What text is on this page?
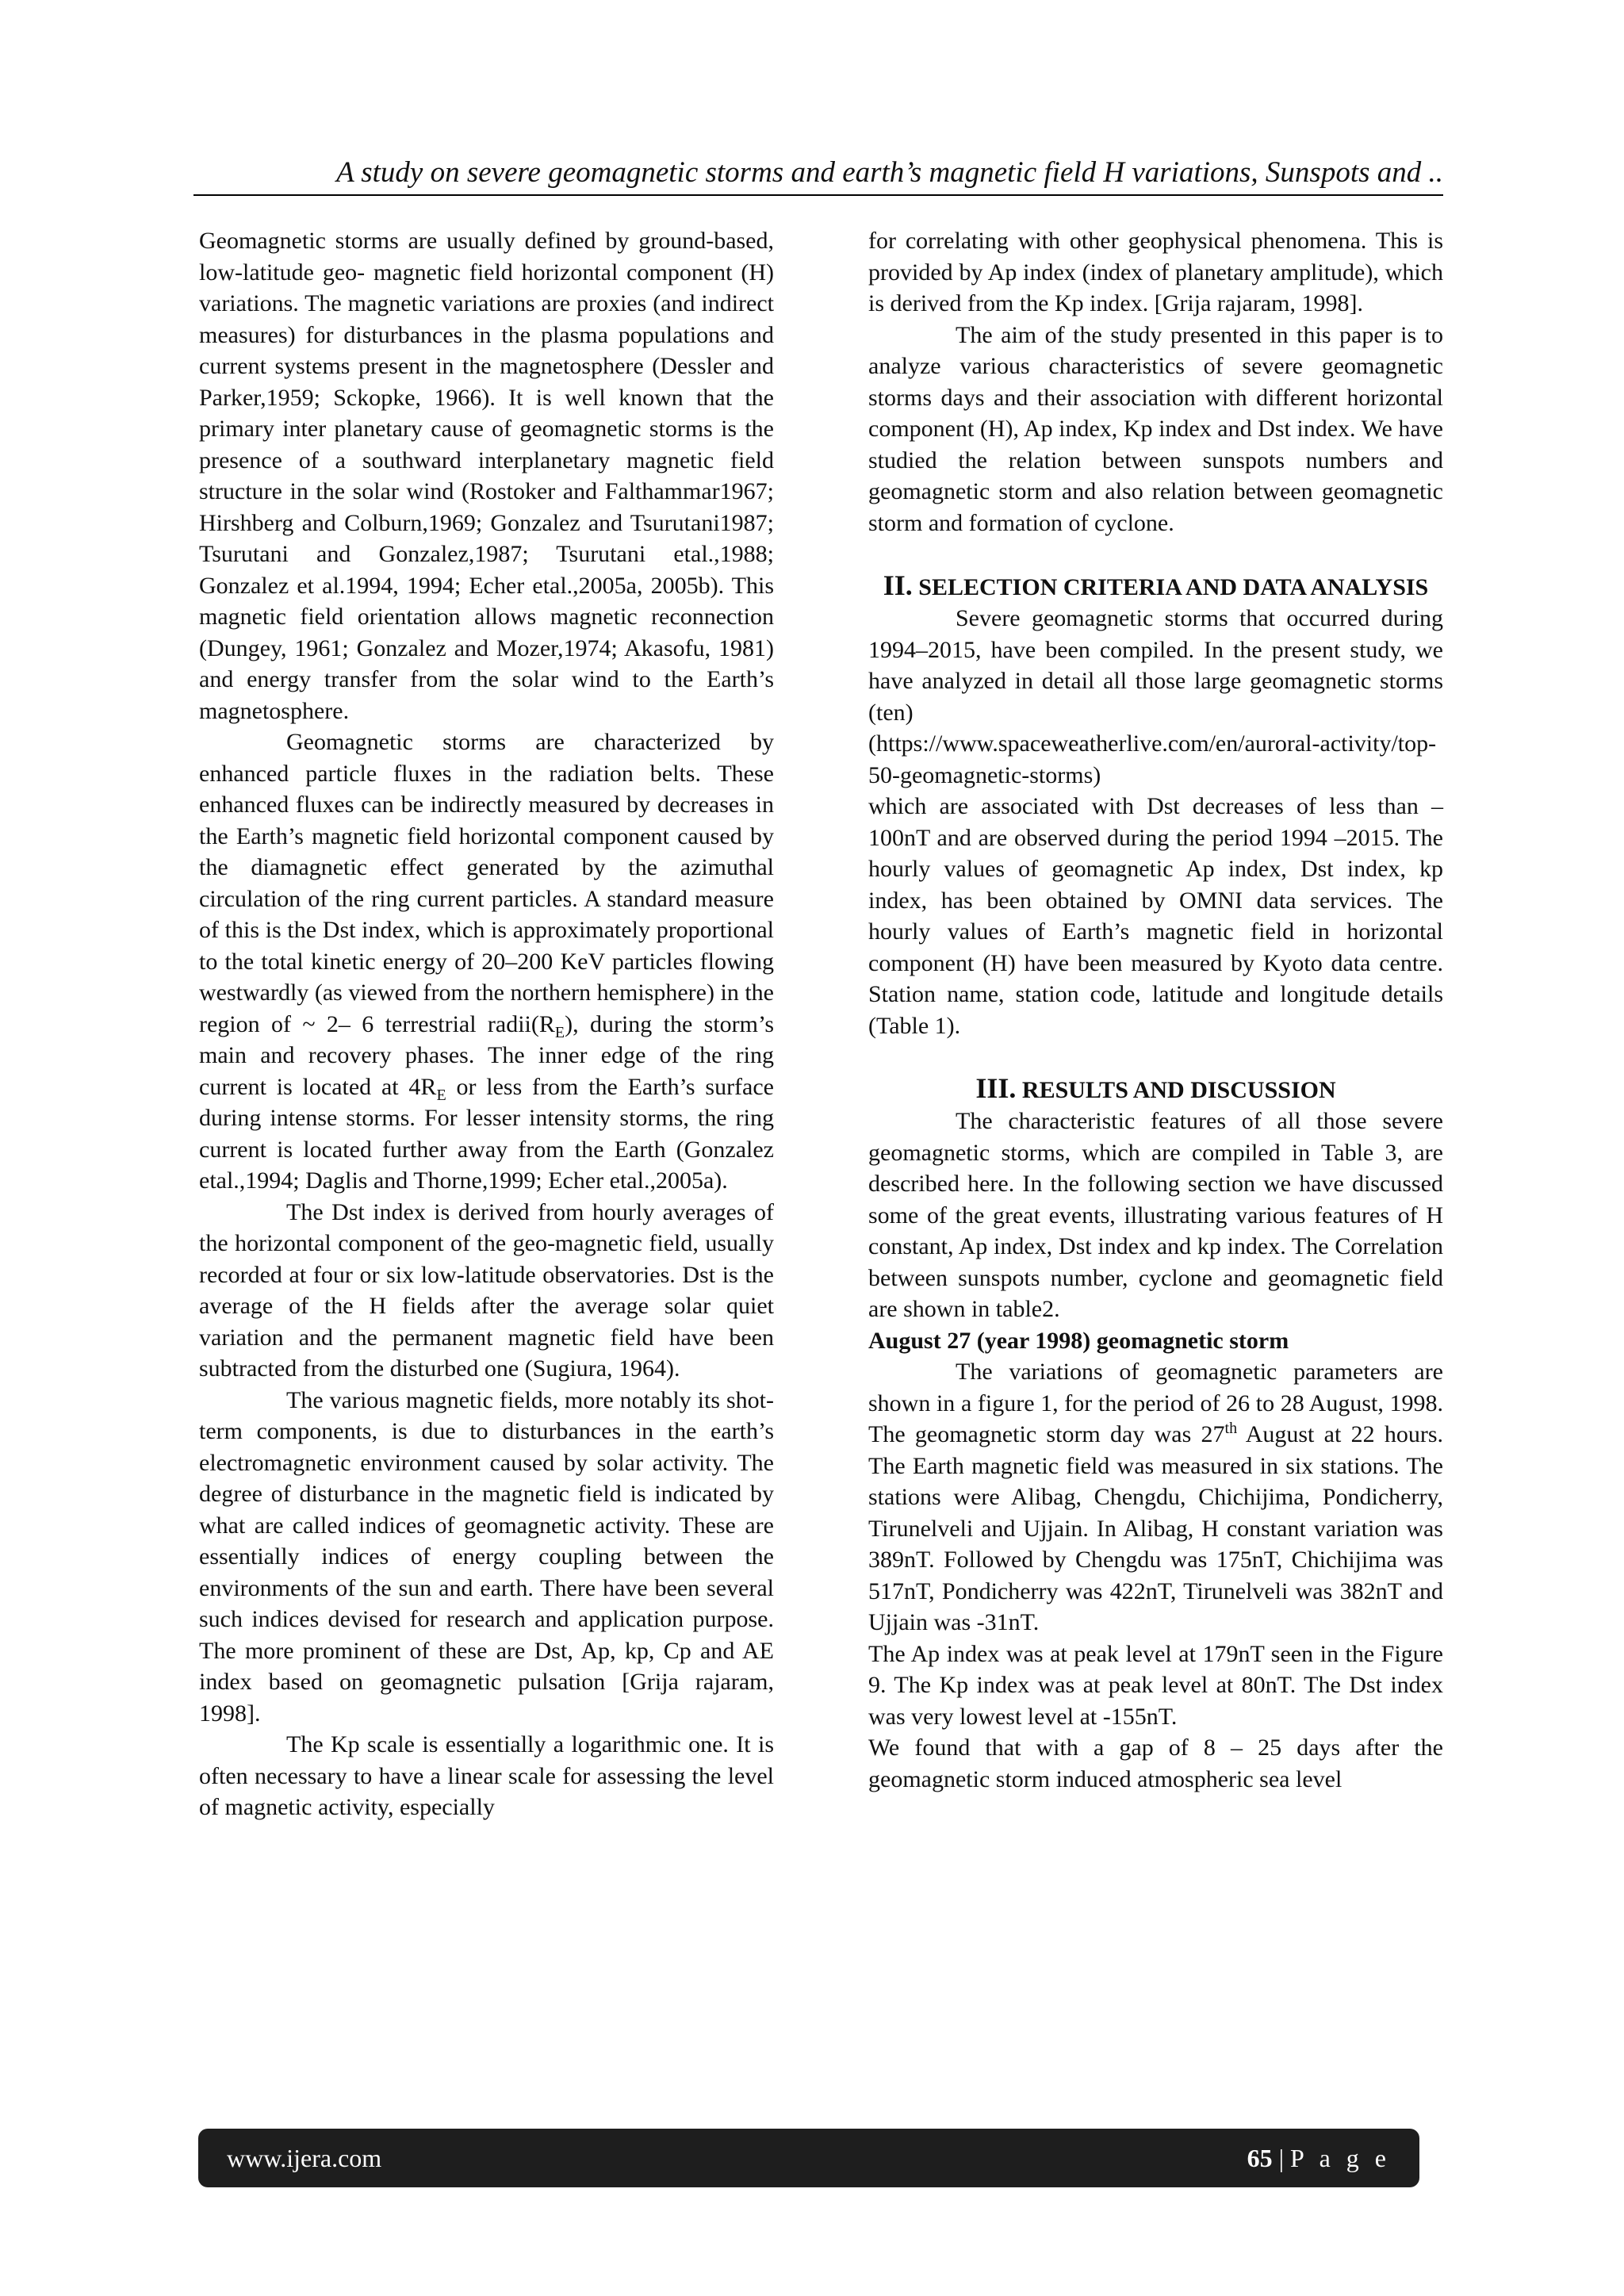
A study on severe geomagnetic storms and earth’s magnetic field H variations, Sunspots and ..

Geomagnetic storms are usually defined by ground-based, low-latitude geo- magnetic field horizontal component (H) variations. The magnetic variations are proxies (and indirect measures) for disturbances in the plasma populations and current systems present in the magnetosphere (Dessler and Parker,1959; Sckopke, 1966). It is well known that the primary inter planetary cause of geomagnetic storms is the presence of a southward interplanetary magnetic field structure in the solar wind (Rostoker and Falthammar1967; Hirshberg and Colburn,1969; Gonzalez and Tsurutani1987; Tsurutani and Gonzalez,1987; Tsurutani etal.,1988; Gonzalez et al.1994, 1994; Echer etal.,2005a, 2005b). This magnetic field orientation allows magnetic reconnection (Dungey, 1961; Gonzalez and Mozer,1974; Akasofu, 1981) and energy transfer from the solar wind to the Earth’s magnetosphere.

Geomagnetic storms are characterized by enhanced particle fluxes in the radiation belts. These enhanced fluxes can be indirectly measured by decreases in the Earth’s magnetic field horizontal component caused by the diamagnetic effect generated by the azimuthal circulation of the ring current particles. A standard measure of this is the Dst index, which is approximately proportional to the total kinetic energy of 20–200 KeV particles flowing westwardly (as viewed from the northern hemisphere) in the region of ~ 2– 6 terrestrial $radii(R_E)$, during the storm’s main and recovery phases. The inner edge of the ring current is located at $4R_E$ or less from the Earth’s surface during intense storms. For lesser intensity storms, the ring current is located further away from the Earth (Gonzalez etal.,1994; Daglis and Thorne,1999; Echer etal.,2005a).

The Dst index is derived from hourly averages of the horizontal component of the geo-magnetic field, usually recorded at four or six low-latitude observatories. Dst is the average of the H fields after the average solar quiet variation and the permanent magnetic field have been subtracted from the disturbed one (Sugiura, 1964).

The various magnetic fields, more notably its shot-term components, is due to disturbances in the earth’s electromagnetic environment caused by solar activity. The degree of disturbance in the magnetic field is indicated by what are called indices of geomagnetic activity. These are essentially indices of energy coupling between the environments of the sun and earth. There have been several such indices devised for research and application purpose. The more prominent of these are Dst, Ap, kp, Cp and AE index based on geomagnetic pulsation [Grija rajaram, 1998].

The Kp scale is essentially a logarithmic one. It is often necessary to have a linear scale for assessing the level of magnetic activity, especially

for correlating with other geophysical phenomena. This is provided by Ap index (index of planetary amplitude), which is derived from the Kp index. [Grija rajaram, 1998].

The aim of the study presented in this paper is to analyze various characteristics of severe geomagnetic storms days and their association with different horizontal component (H), Ap index, Kp index and Dst index. We have studied the relation between sunspots numbers and geomagnetic storm and also relation between geomagnetic storm and formation of cyclone.

II. SELECTION CRITERIA AND DATA ANALYSIS

Severe geomagnetic storms that occurred during 1994–2015, have been compiled. In the present study, we have analyzed in detail all those large geomagnetic storms (ten)

(https://www.spaceweatherlive.com/en/auroral-activity/top-50-geomagnetic-storms)

which are associated with Dst decreases of less than –100nT and are observed during the period 1994 –2015. The hourly values of geomagnetic Ap index, Dst index, kp index, has been obtained by OMNI data services. The hourly values of Earth’s magnetic field in horizontal component (H) have been measured by Kyoto data centre. Station name, station code, latitude and longitude details (Table 1).

III. RESULTS AND DISCUSSION

The characteristic features of all those severe geomagnetic storms, which are compiled in Table 3, are described here. In the following section we have discussed some of the great events, illustrating various features of H constant, Ap index, Dst index and kp index. The Correlation between sunspots number, cyclone and geomagnetic field are shown in table2.

August 27 (year 1998) geomagnetic storm

The variations of geomagnetic parameters are shown in a figure 1, for the period of 26 to 28 August, 1998. The geomagnetic storm day was 27th August at 22 hours. The Earth magnetic field was measured in six stations. The stations were Alibag, Chengdu, Chichijima, Pondicherry, Tirunelveli and Ujjain. In Alibag, H constant variation was 389nT. Followed by Chengdu was 175nT, Chichijima was 517nT, Pondicherry was 422nT, Tirunelveli was 382nT and Ujjain was -31nT.

The Ap index was at peak level at 179nT seen in the Figure 9. The Kp index was at peak level at 80nT. The Dst index was very lowest level at -155nT.

We found that with a gap of 8 – 25 days after the geomagnetic storm induced atmospheric sea level

www.ijera.com	65 | P a g e
